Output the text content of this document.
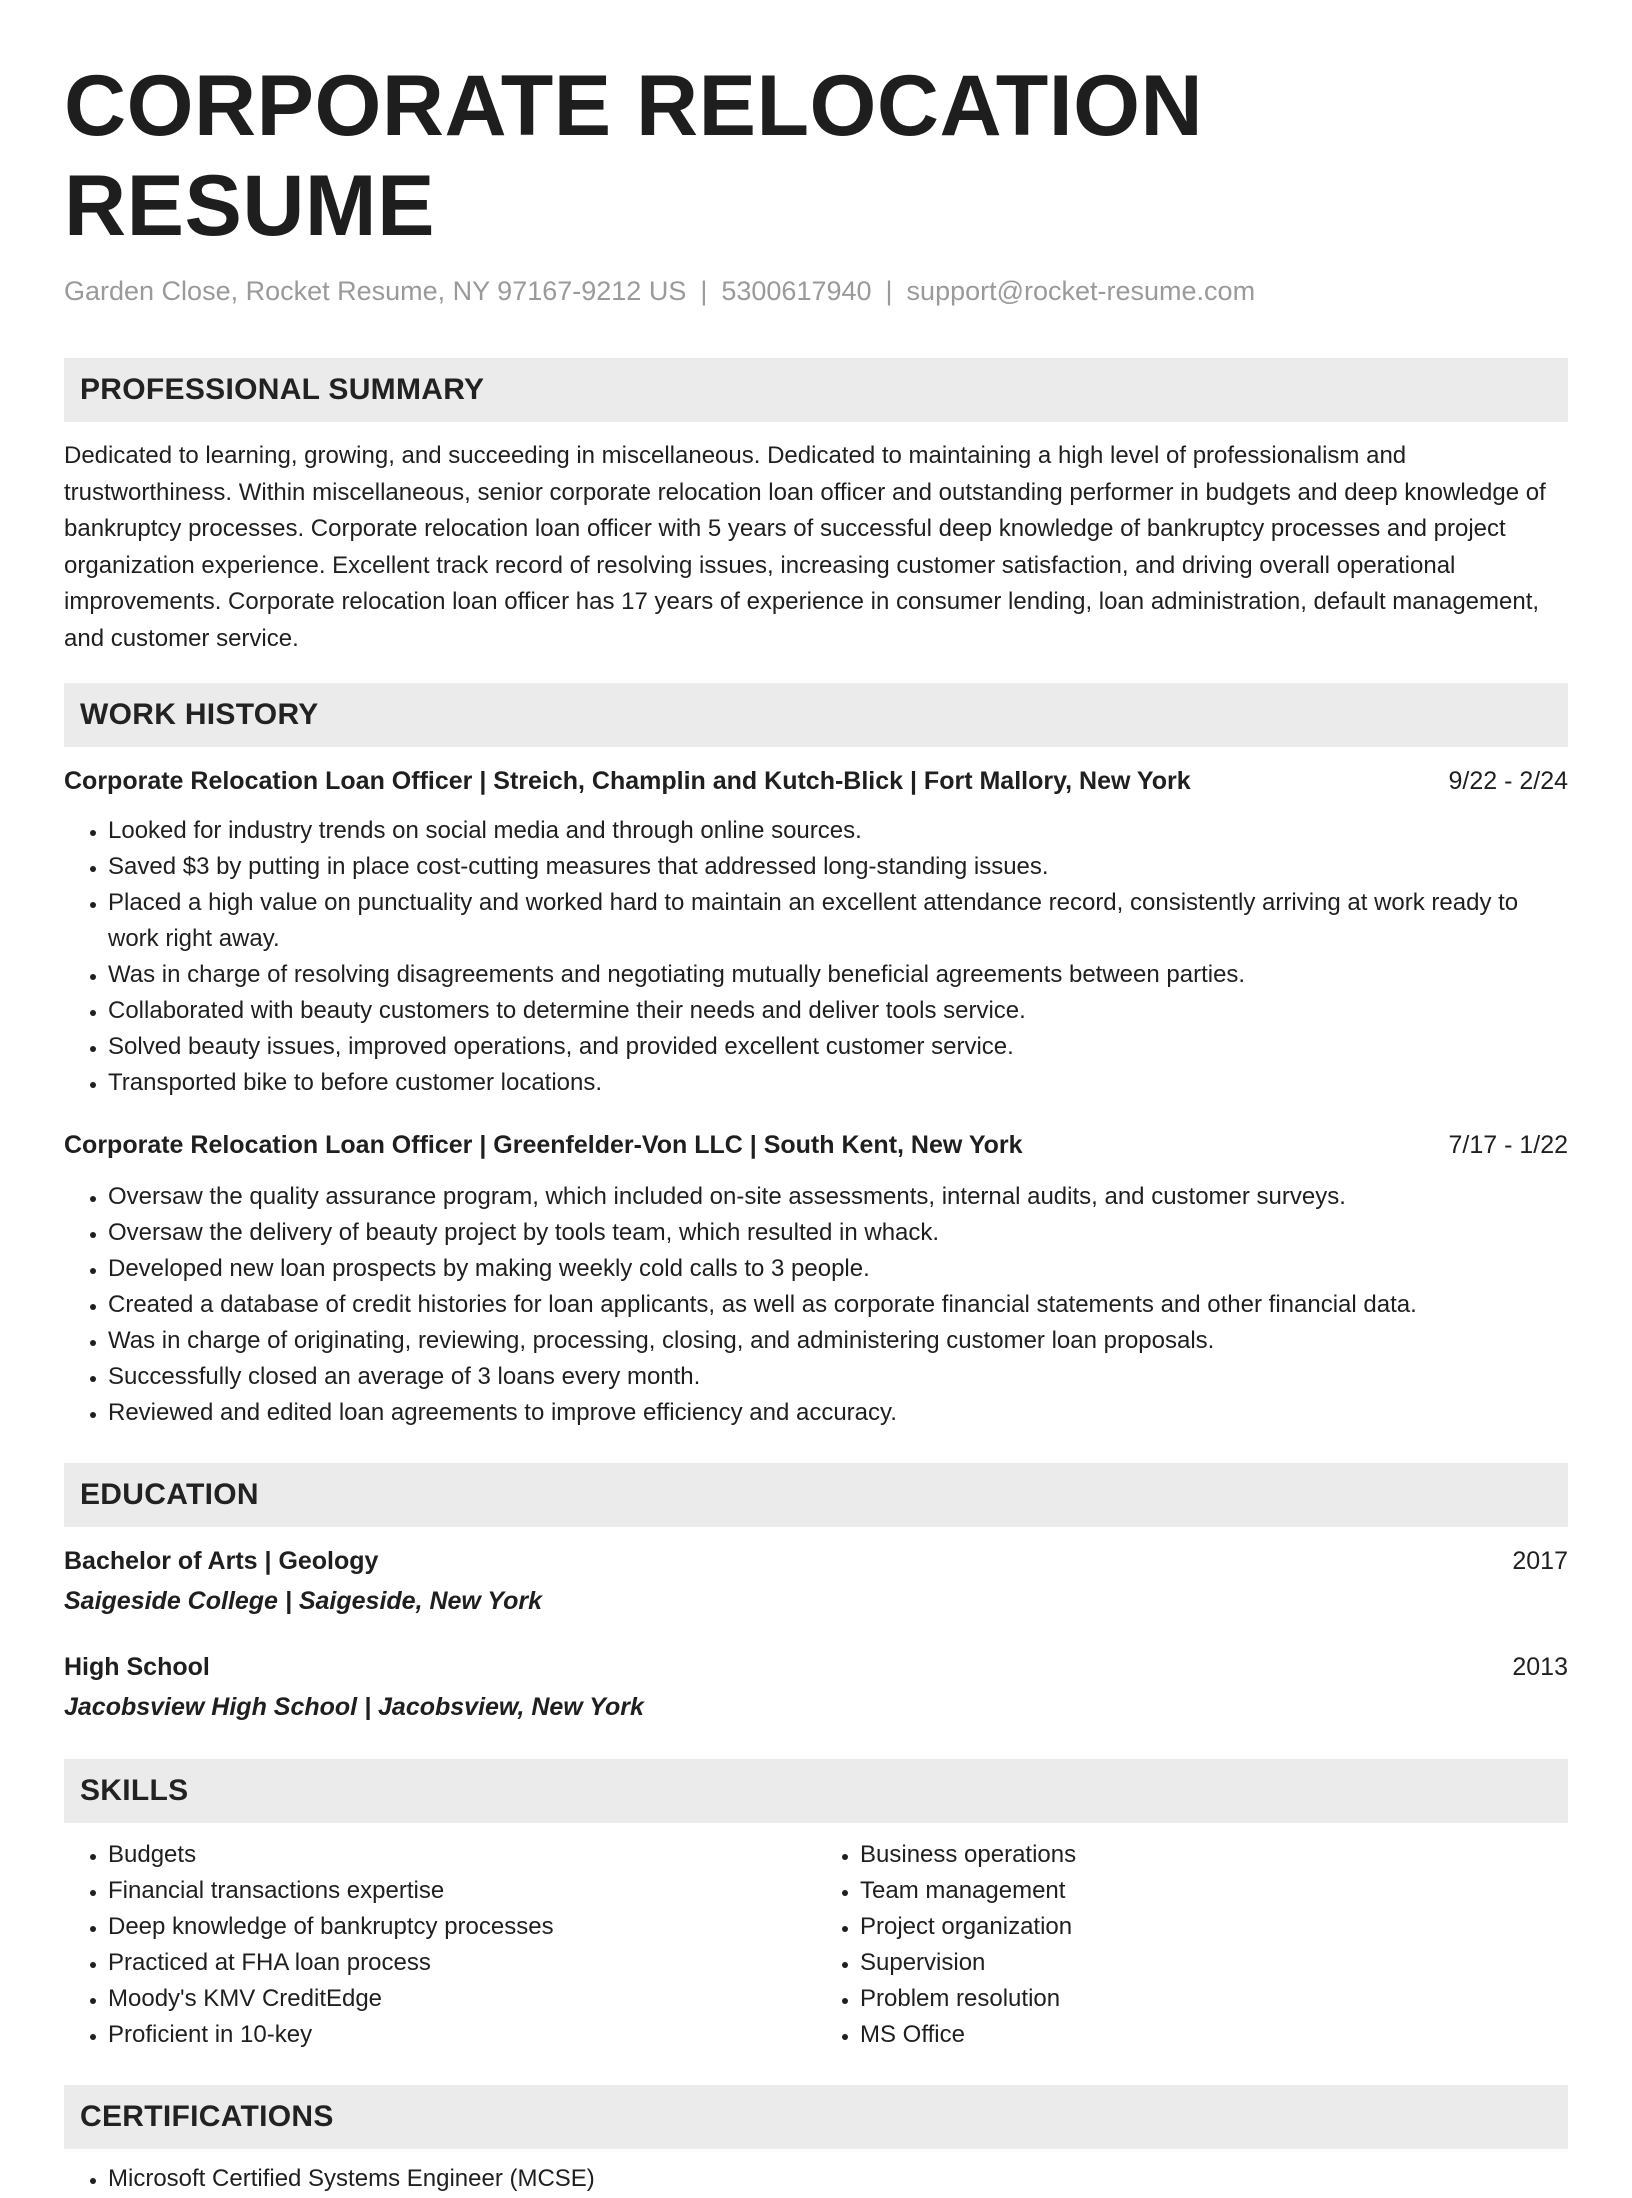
CORPORATE RELOCATION RESUME
Garden Close, Rocket Resume, NY 97167-9212 US | 5300617940 | support@rocket-resume.com
PROFESSIONAL SUMMARY

Dedicated to learning, growing, and succeeding in miscellaneous. Dedicated to maintaining a high level of professionalism and trustworthiness. Within miscellaneous, senior corporate relocation loan officer and outstanding performer in budgets and deep knowledge of bankruptcy processes. Corporate relocation loan officer with 5 years of successful deep knowledge of bankruptcy processes and project organization experience. Excellent track record of resolving issues, increasing customer satisfaction, and driving overall operational improvements. Corporate relocation loan officer has 17 years of experience in consumer lending, loan administration, default management, and customer service.

WORK HISTORY
Corporate Relocation Loan Officer | Streich, Champlin and Kutch-Blick | Fort Mallory, New York	9/22 - 2/24
• Looked for industry trends on social media and through online sources.
• Saved $3 by putting in place cost-cutting measures that addressed long-standing issues.
• Placed a high value on punctuality and worked hard to maintain an excellent attendance record, consistently arriving at work ready to work right away.
• Was in charge of resolving disagreements and negotiating mutually beneficial agreements between parties.
• Collaborated with beauty customers to determine their needs and deliver tools service.
• Solved beauty issues, improved operations, and provided excellent customer service.
• Transported bike to before customer locations.
Corporate Relocation Loan Officer | Greenfelder-Von LLC | South Kent, New York	7/17 - 1/22
• Oversaw the quality assurance program, which included on-site assessments, internal audits, and customer surveys.
• Oversaw the delivery of beauty project by tools team, which resulted in whack.
• Developed new loan prospects by making weekly cold calls to 3 people.
• Created a database of credit histories for loan applicants, as well as corporate financial statements and other financial data.
• Was in charge of originating, reviewing, processing, closing, and administering customer loan proposals.
• Successfully closed an average of 3 loans every month.
• Reviewed and edited loan agreements to improve efficiency and accuracy.
EDUCATION
Bachelor of Arts | Geology	2017
Saigeside College | Saigeside, New York
High School	2013
Jacobsview High School | Jacobsview, New York
SKILLS
• Budgets
• Financial transactions expertise
• Deep knowledge of bankruptcy processes
• Practiced at FHA loan process
• Moody's KMV CreditEdge
• Proficient in 10-key
• Business operations
• Team management
• Project organization
• Supervision
• Problem resolution
• MS Office
CERTIFICATIONS
• Microsoft Certified Systems Engineer (MCSE)
